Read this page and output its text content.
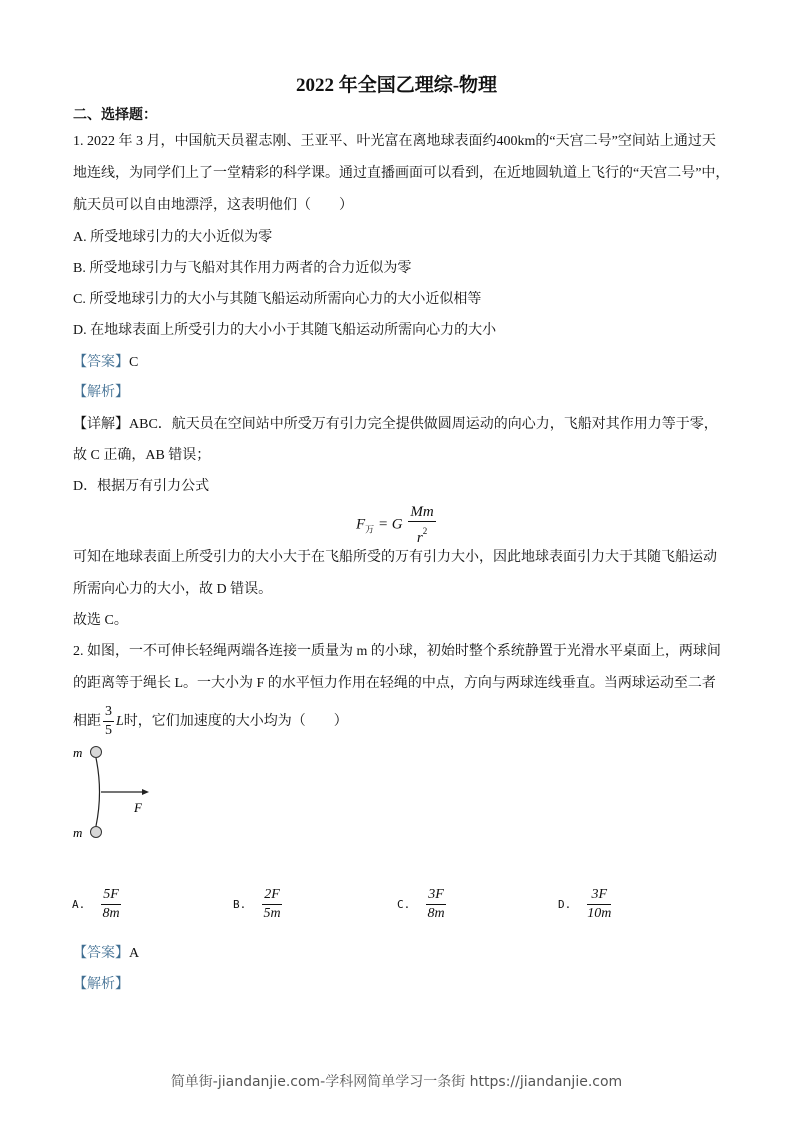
2022 年全国乙理综-物理
二、选择题：
1. 2022 年 3 月，中国航天员翟志刚、王亚平、叶光富在离地球表面约400km的“天宫二号”空间站上通过天
地连线，为同学们上了一堂精彩的科学课。通过直播画面可以看到，在近地圆轨道上飞行的“天宫二号”中，
航天员可以自由地漂浮，这表明他们（　　）
A. 所受地球引力的大小近似为零
B. 所受地球引力与飞船对其作用力两者的合力近似为零
C. 所受地球引力的大小与其随飞船运动所需向心力的大小近似相等
D. 在地球表面上所受引力的大小小于其随飞船运动所需向心力的大小
【答案】C
【解析】
【详解】ABC．航天员在空间站中所受万有引力完全提供做圆周运动的向心力，飞船对其作用力等于零，
故 C 正确，AB 错误；
D．根据万有引力公式
$F_万 = G \frac{Mm}{r^2}$
可知在地球表面上所受引力的大小大于在飞船所受的万有引力大小，因此地球表面引力大于其随飞船运动
所需向心力的大小，故 D 错误。
故选 C。
2. 如图，一不可伸长轻绳两端各连接一质量为 m 的小球，初始时整个系统静置于光滑水平桌面上，两球间
的距离等于绳长 L。一大小为 F 的水平恒力作用在轻绳的中点，方向与两球连线垂直。当两球运动至二者
相距 $\frac{3}{5}$ L时，它们加速度的大小均为（　　）
m
m
F
A. $\frac{5F}{8m}$	B. $\frac{2F}{5m}$	C. $\frac{3F}{8m}$	D. $\frac{3F}{10m}$
【答案】A
【解析】
简单街-jiandanjie.com-学科网简单学习一条街 https://jiandanjie.com
